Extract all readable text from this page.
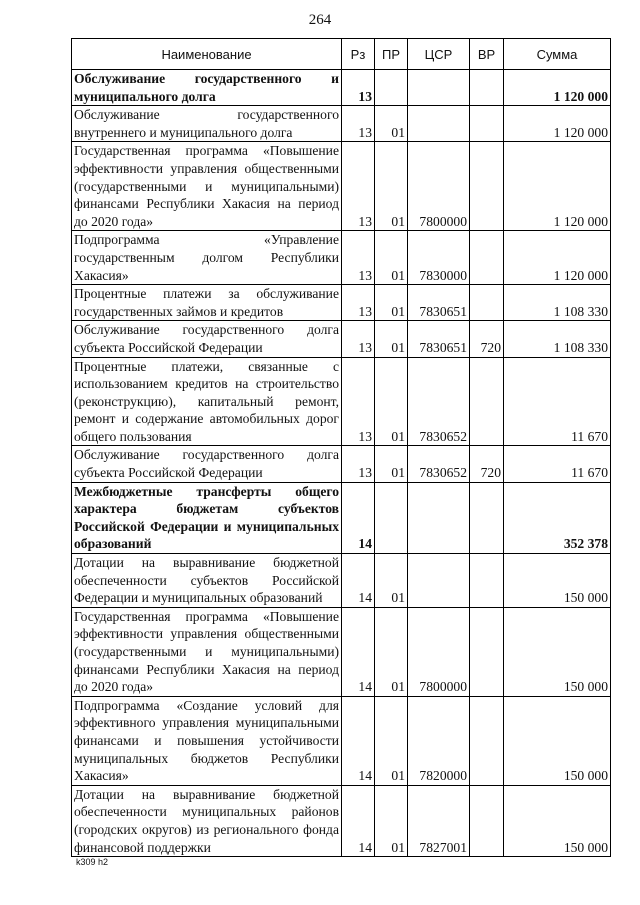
264
Наименование	Рз	ПР	ЦСР	ВР	Сумма
Обслуживание государственного и муниципального долга	13				1 120 000
Обслуживание государственного внутреннего и муниципального долга	13	01			1 120 000
Государственная программа «Повышение эффективности управления общественными (государственными и муниципальными) финансами Республики Хакасия на период до 2020 года»	13	01	7800000		1 120 000
Подпрограмма «Управление государственным долгом Республики Хакасия»	13	01	7830000		1 120 000
Процентные платежи за обслуживание государственных займов и кредитов	13	01	7830651		1 108 330
Обслуживание государственного долга субъекта Российской Федерации	13	01	7830651	720	1 108 330
Процентные платежи, связанные с использованием кредитов на строительство (реконструкцию), капитальный ремонт, ремонт и содержание автомобильных дорог общего пользования	13	01	7830652		11 670
Обслуживание государственного долга субъекта Российской Федерации	13	01	7830652	720	11 670
Межбюджетные трансферты общего характера бюджетам субъектов Российской Федерации и муниципальных образований	14				352 378
Дотации на выравнивание бюджетной обеспеченности субъектов Российской Федерации и муниципальных образований	14	01			150 000
Государственная программа «Повышение эффективности управления общественными (государственными и муниципальными) финансами Республики Хакасия на период до 2020 года»	14	01	7800000		150 000
Подпрограмма «Создание условий для эффективного управления муниципальными финансами и повышения устойчивости муниципальных бюджетов Республики Хакасия»	14	01	7820000		150 000
Дотации на выравнивание бюджетной обеспеченности муниципальных районов (городских округов) из регионального фонда финансовой поддержки	14	01	7827001		150 000
k309 h2
